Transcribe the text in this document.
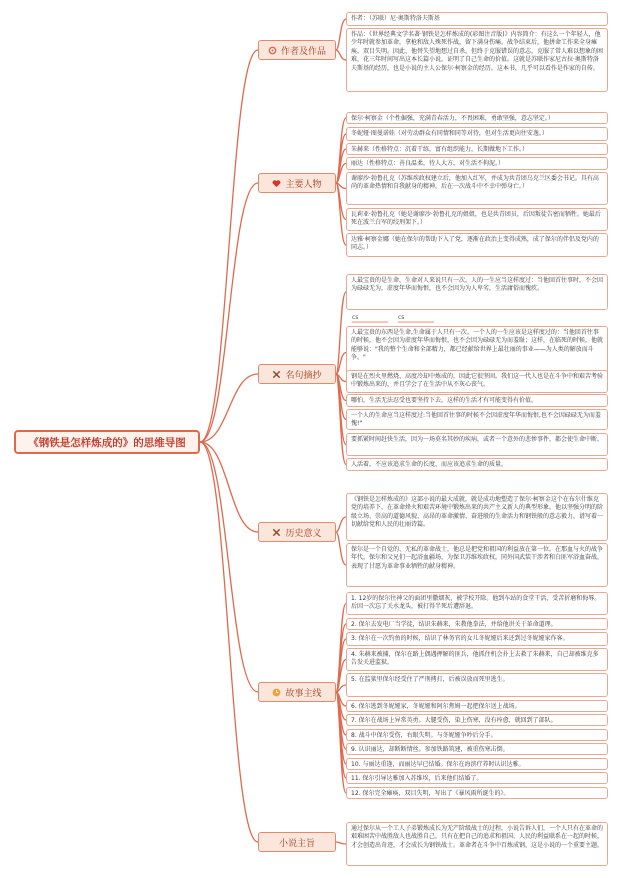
《钢铁是怎样炼成的》的思维导图
作者及作品
作者：（苏联）尼·奥斯特洛夫斯基
作品：《世界经典文学名著·钢铁是怎样炼成的(彩图注音版)》内容简介：有这么一个年轻人，他少年时就参加革命，拿枪和敌人殊死作战，留下满身伤痛。战争结束后，他拼命工作来全身瘫痪，双目失明。因此，他替失望地想过自杀，但终于克服错误的意志，克服了常人难以想象的困难，花三年时间写出这本长篇小说，证明了自己生命的价值。这就是苏联作家尼古拉·奥斯特洛夫斯基的经历，也是小说的主人公保尔·柯察金的经历。这本书，几乎可以看作是作家的自传。
主要人物
保尔·柯察金（个性倔强，充满青春活力，不畏困难，勇敢坚强，意志坚定。）
冬妮娅·图曼诺娃（对劳动群众有同情和同等对待，但对生活更向往安逸。）
朱赫来（性格特点：沉着干练，富有组织能力，长期做地下工作。）
丽达（性格特点：善良温柔，待人大方，对生活不拘泥。）
谢廖沙·勃鲁扎克（苏维埃政权建立后，他加入红军，并成为共青团乌克兰区委会书记。具有高尚的革命热情和自我献身的精神，后在一次战斗中不幸中弹身亡。）
瓦莉亚·勃鲁扎克（她是谢廖沙·勃鲁扎克的姐姐，也是共青团员，后因叛徒告密而牺牲。她最后死在波兰白军的绞刑架下。）
达雅·柯察金娜（她在保尔的帮助下入了党，逐渐在政治上变得成熟，成了保尔的伴侣及党内的同志。）
名句摘抄
人最宝贵的是生命，生命对人来说只有一次。人的一生应当这样度过：当他回首往事时，不会因为碌碌无为，虚度年华而悔恨，也不会因为为人卑劣，生活庸俗而愧疚。
人最宝贵的东西是生命,生命属于人只有一次。一个人的一生应该是这样度过的：当他回首往事的时候，他不会因为虚度年华而悔恨，也不会因为碌碌无为而羞耻；这样，在临死的时候，他就能够说："我的整个生命和全部精力，都已经献给世界上最壮丽的事业——为人类的解放而斗争。"
钢是在烈火里燃烧、高度冷却中炼成的，因此它很坚固。我们这一代人也是在斗争中和艰苦考验中锻炼出来的，并且学会了在生活中从不灰心丧气。
哪怕，生活无法忍受也要坚持下去，这样的生活才有可能变得有价值。
一个人的生命应当这样度过:当他回首往事的时候不会因虚度年华而悔恨,也不会因碌碌无为而羞愧!"
要抓紧时间赶快生活，因为一场莫名其妙的疾病，或者一个意外的悲惨事件，都会使生命中断。
人活着，不应该追求生命的长度，而应该追求生命的质量。
cs	cs
历史意义
《钢铁是怎样炼成的》这部小说的最大成就，就是成功地塑造了保尔·柯察金这个在布尔什维克党的培养下，在革命烽火和艰苦环境中锻炼出来的共产主义新人的典型形象。他以坚强分明的阶级立场、崇高的道德风貌、高昂的革命激情、奋进般的生命活力和钢铁般的意志毅力，谱写着一切献给党和人民的壮丽诗篇。
保尔是一个自觉的、无私的革命战士，他总是把党和祖国的利益放在第一位。在那血与火的战争年代，保尔和父兄们一起浴血疆场，为保卫苏维埃政权，同外国武装干涉者和白匪军浴血奋战，表现了甘愿为革命事业牺牲的献身精神。
故事主线
1. 12岁的保尔往神父的面团里撒烟灰，被学校开除。他到车站的食堂干活，受苦折磨和侮辱。后因一次忘了关水龙头，被打得半死后遭辞退。
2. 保尔去发电厂当学徒，结识朱赫来，朱教他拳法，并给他讲关于革命道理。
3. 保尔在一次钓鱼的时候，结识了林务官的女儿冬妮娅后来还到过冬妮娅家作客。
4. 朱赫来被捕，保尔在路上偶遇押解的匪兵，他抓住机会扑上去救了朱赫来，自己却被维克多告发关进监狱。
5. 在监狱里保尔经受住了严刑拷打，后被误放而死里逃生。
6. 保尔逃到冬妮娅家，冬妮娅和阿尔焦姆一起把保尔送上战场。
7. 保尔在战场上异常英勇。大腿受伤，染上伤寒，没有痊愈，就回到了部队。
8. 战斗中保尔受伤，右眼失明。与冬妮娅争吵后分手。
9. 认识丽达，却断断情丝。参加铁路筑建，被重伤寒击倒。
10. 与丽达重逢，而丽达早已结婚。保尔在海滨疗养时认识达雅。
11. 保尔引导达雅加入苏维埃，后来他们结婚了。
12. 保尔完全瘫痪，双目失明，写出了《暴风雨所诞生的》。
小说主旨
通过保尔从一个工人子弟锻炼成长为无产阶级战士的过程，小说告诉人们，一个人只有在革命的艰难困苦中战胜敌人也战胜自己，只有在把自己的追求和祖国、人民的利益联系在一起的时候，才会创造出奇迹，才会成长为钢铁战士。革命者在斗争中百炼成钢，这是小说的一个重要主题。
